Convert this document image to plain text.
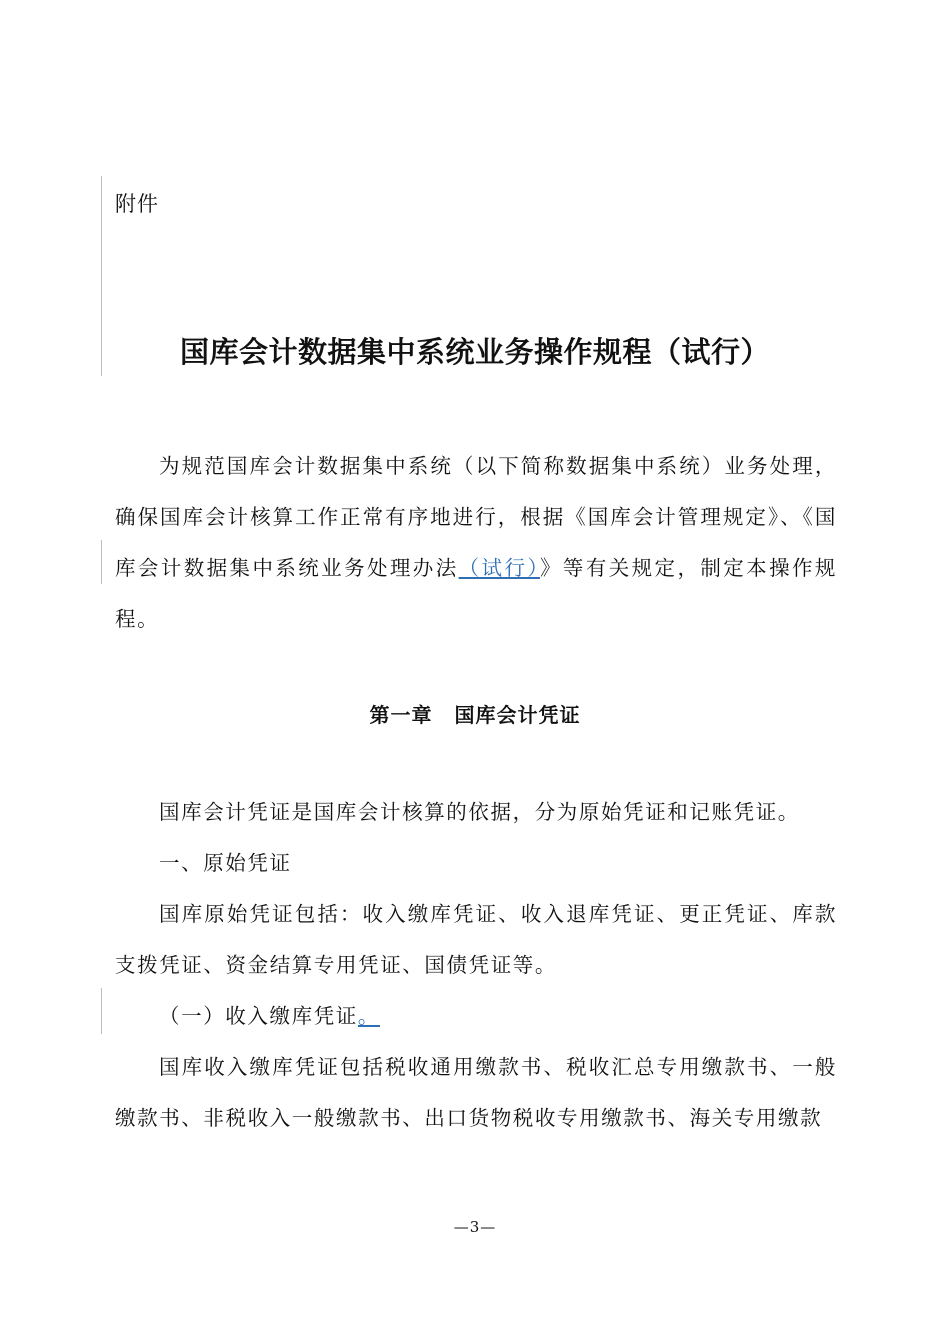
附件
国库会计数据集中系统业务操作规程（试行）
为规范国库会计数据集中系统（以下简称数据集中系统）业务处理，确保国库会计核算工作正常有序地进行，根据《国库会计管理规定》、《国库会计数据集中系统业务处理办法（试行）》等有关规定，制定本操作规程。
第一章 国库会计凭证
国库会计凭证是国库会计核算的依据，分为原始凭证和记账凭证。
一、原始凭证
国库原始凭证包括：收入缴库凭证、收入退库凭证、更正凭证、库款支拨凭证、资金结算专用凭证、国债凭证等。
（一）收入缴库凭证。
国库收入缴库凭证包括税收通用缴款书、税收汇总专用缴款书、一般缴款书、非税收入一般缴款书、出口货物税收专用缴款书、海关专用缴款
—3—
